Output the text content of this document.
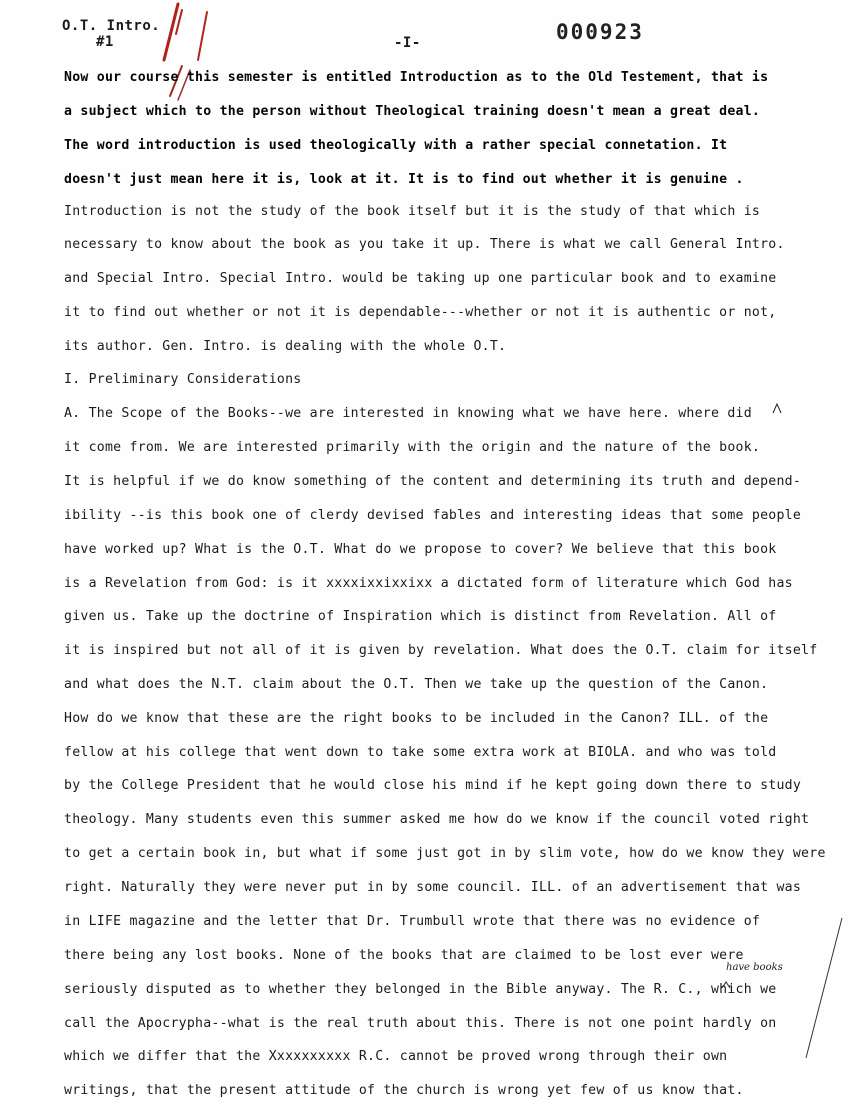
O.T. Intro.
#1	-I-	000923
Now our course this semester is entitled Introduction as to the Old Testement, that is
a subject which to the person without Theological training doesn't mean a great deal.
The word introduction is used theologically with a rather special connetation. It
doesn't just mean here it is, look at it. It is to find out whether it is genuine .
Introduction is not the study of the book itself but it is the study of that which is
necessary to know about the book as you take it up. There is what we call General Intro.
and Special Intro. Special Intro. would be taking up one particular book and to examine
it to find out whether or not it is dependable---whether or not it is authentic or not,
its author. Gen. Intro. is dealing with the whole O.T.
I. Preliminary Considerations
A. The Scope of the Books--we are interested in knowing what we have here. where did
it come from. We are interested primarily with the origin and the nature of the book.
It is helpful if we do know something of the content and determining its truth and depend-
ibility --is this book one of clerdy devised fables and interesting ideas that some people
have worked up? What is the O.T. What do we propose to cover? We believe that this book
is a Revelation from God: is it xxxxixxixxixx a dictated form of literature which God has
given us. Take up the doctrine of Inspiration which is distinct from Revelation. All of
it is inspired but not all of it is given by revelation. What does the O.T. claim for itself
and what does the N.T. claim about the O.T. Then we take up the question of the Canon.
How do we know that these are the right books to be included in the Canon? ILL. of the
fellow at his college that went down to take some extra work at BIOLA. and who was told
by the College President that he would close his mind if he kept going down there to study
theology. Many students even this summer asked me how do we know if the council voted right
to get a certain book in, but what if some just got in by slim vote, how do we know they were
right. Naturally they were never put in by some council. ILL. of an advertisement that was
in LIFE magazine and the letter that Dr. Trumbull wrote that there was no evidence of
there being any lost books. None of the books that are claimed to be lost ever were
seriously disputed as to whether they belonged in the Bible anyway. The R. C., which we
call the Apocrypha--what is the real truth about this. There is not one point hardly on
which we differ that the Xxxxxxxxxx R.C. cannot be proved wrong through their own
writings, that the present attitude of the church is wrong yet few of us know that.
have books
